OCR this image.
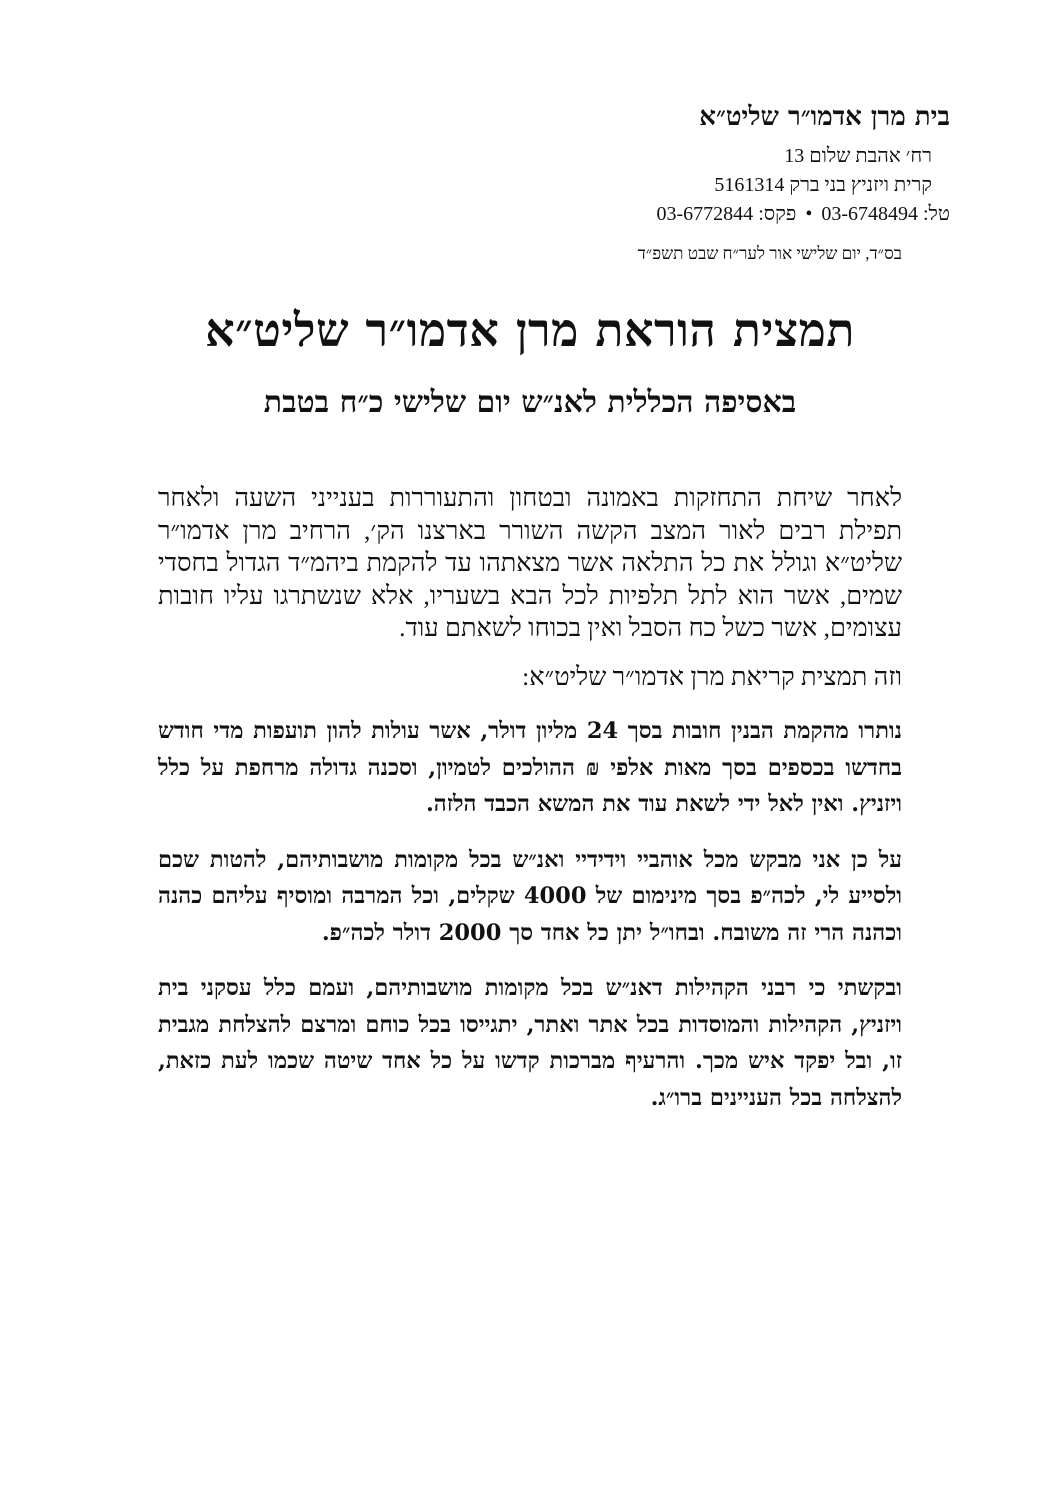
בית מרן אדמו״ר שליט״א
רח׳ אהבת שלום 13
קרית ויזניץ בני ברק 5161314
טל: 03-6748494 • פקס: 03-6772844
בס״ד, יום שלישי אור לער״ח שבט תשפ״ד
תמצית הוראת מרן אדמו״ר שליט״א
באסיפה הכללית לאנ״ש יום שלישי כ״ח בטבת

לאחר שיחת התחזקות באמונה ובטחון והתעוררות בענייני השעה ולאחר תפילת רבים לאור המצב הקשה השורר בארצנו הק׳, הרחיב מרן אדמו״ר שליט״א וגולל את כל התלאה אשר מצאתהו עד להקמת ביהמ״ד הגדול בחסדי שמים, אשר הוא לתל תלפיות לכל הבא בשעריו, אלא שנשתרגו עליו חובות עצומים, אשר כשל כח הסבל ואין בכוחו לשאתם עוד.

וזה תמצית קריאת מרן אדמו״ר שליט״א:

נותרו מהקמת הבנין חובות בסך 24 מליון דולר, אשר עולות להון תועפות מדי חודש בחדשו בכספים בסך מאות אלפי ₪ ההולכים לטמיון, וסכנה גדולה מרחפת על כלל ויזניץ. ואין לאל ידי לשאת עוד את המשא הכבד הלזה.

על כן אני מבקש מכל אוהביי וידידיי ואנ״ש בכל מקומות מושבותיהם, להטות שכם ולסייע לי, לכה״פ בסך מינימום של 4000 שקלים, וכל המרבה ומוסיף עליהם כהנה וכהנה הרי זה משובח. ובחו״ל יתן כל אחד סך 2000 דולר לכה״פ.

ובקשתי כי רבני הקהילות דאנ״ש בכל מקומות מושבותיהם, ועמם כלל עסקני בית ויזניץ, הקהילות והמוסדות בכל אתר ואתר, יתגייסו בכל כוחם ומרצם להצלחת מגבית זו, ובל יפקד איש מכך. והרעיף מברכות קדשו על כל אחד שיטה שכמו לעת כזאת, להצלחה בכל העניינים ברו״ג.
